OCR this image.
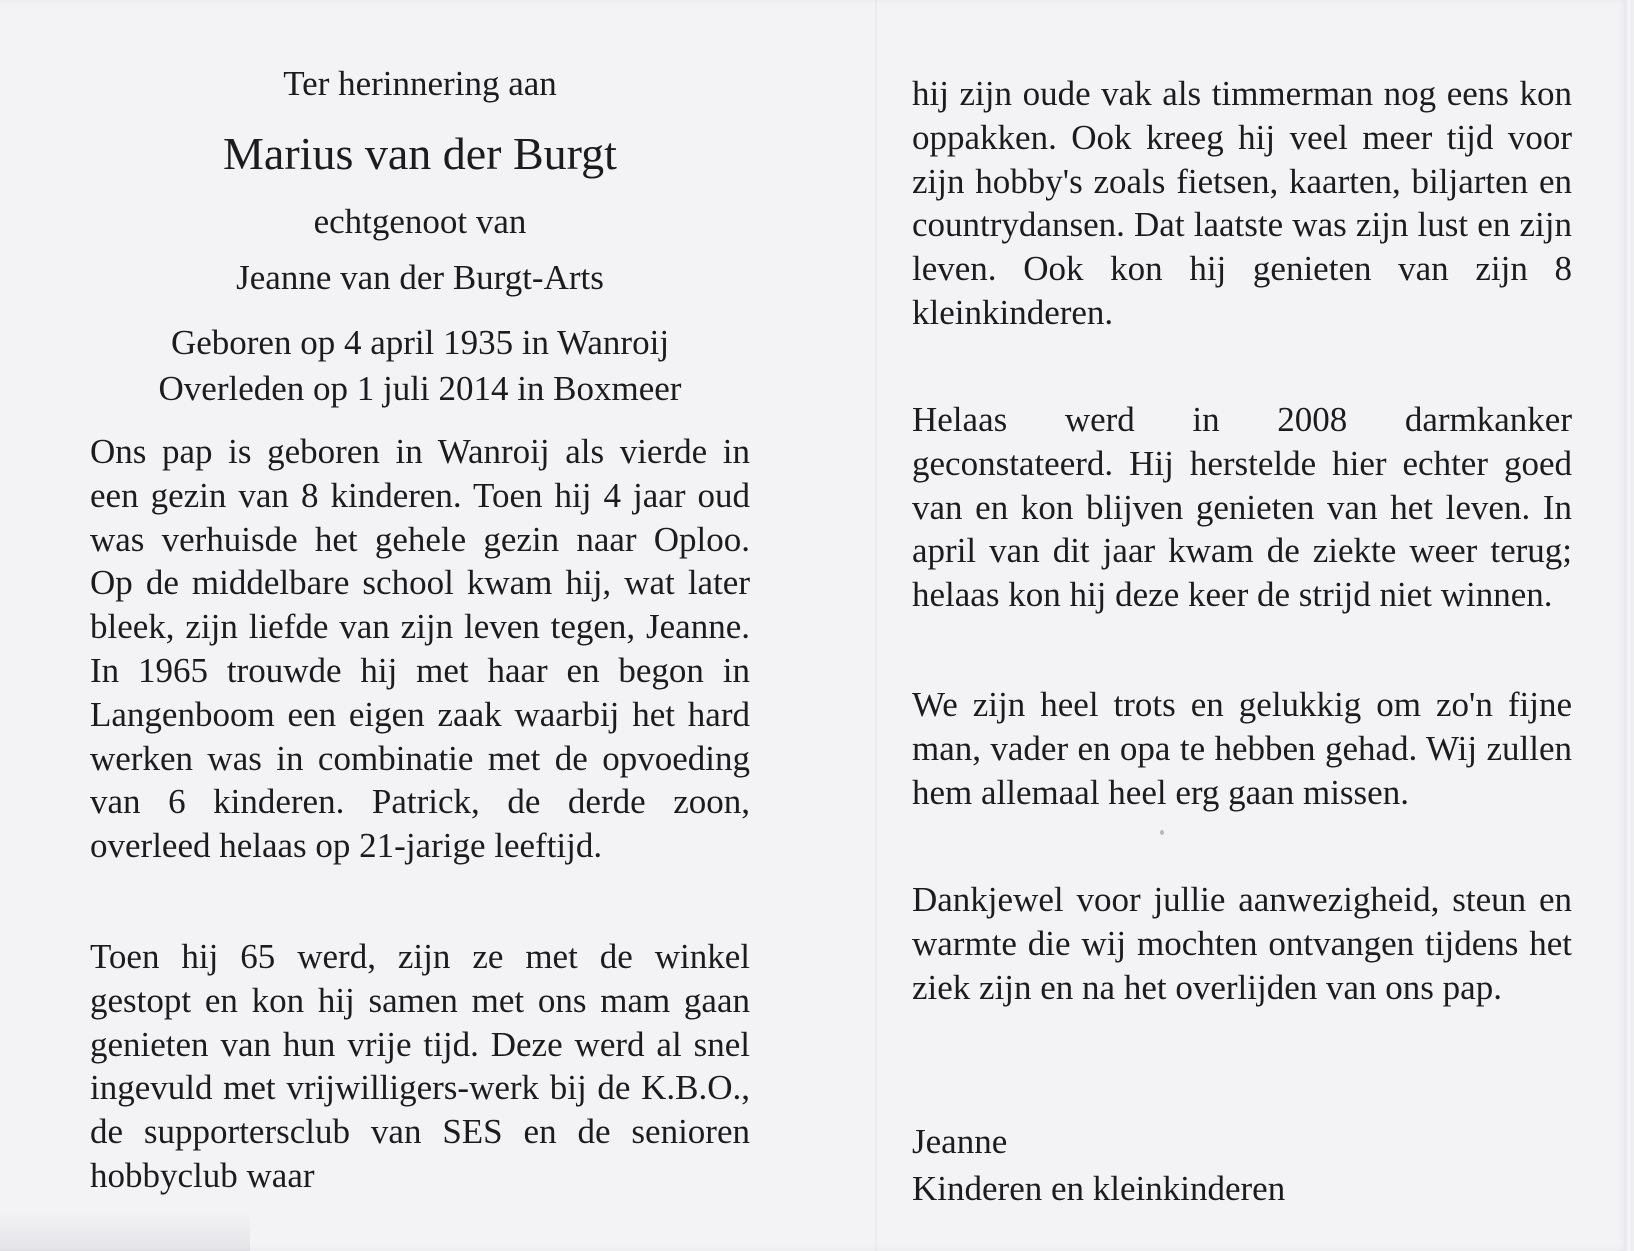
Ter herinnering aan
Marius van der Burgt
echtgenoot van
Jeanne van der Burgt-Arts
Geboren op 4 april 1935 in Wanroij
Overleden op 1 juli 2014 in Boxmeer

Ons pap is geboren in Wanroij als vierde in een gezin van 8 kinderen. Toen hij 4 jaar oud was verhuisde het gehele gezin naar Oploo. Op de middelbare school kwam hij, wat later bleek, zijn liefde van zijn leven tegen, Jeanne. In 1965 trouwde hij met haar en begon in Langenboom een eigen zaak waarbij het hard werken was in combinatie met de opvoeding van 6 kinderen. Patrick, de derde zoon, overleed helaas op 21-jarige leeftijd.

Toen hij 65 werd, zijn ze met de winkel gestopt en kon hij samen met ons mam gaan genieten van hun vrije tijd. Deze werd al snel ingevuld met vrijwilligers-werk bij de K.B.O., de supportersclub van SES en de senioren hobbyclub waar

hij zijn oude vak als timmerman nog eens kon oppakken. Ook kreeg hij veel meer tijd voor zijn hobby's zoals fietsen, kaarten, biljarten en countrydansen. Dat laatste was zijn lust en zijn leven. Ook kon hij genieten van zijn 8 kleinkinderen.

Helaas werd in 2008 darmkanker geconstateerd. Hij herstelde hier echter goed van en kon blijven genieten van het leven. In april van dit jaar kwam de ziekte weer terug; helaas kon hij deze keer de strijd niet winnen.

We zijn heel trots en gelukkig om zo'n fijne man, vader en opa te hebben gehad. Wij zullen hem allemaal heel erg gaan missen.

Dankjewel voor jullie aanwezigheid, steun en warmte die wij mochten ontvangen tijdens het ziek zijn en na het overlijden van ons pap.

Jeanne
Kinderen en kleinkinderen
